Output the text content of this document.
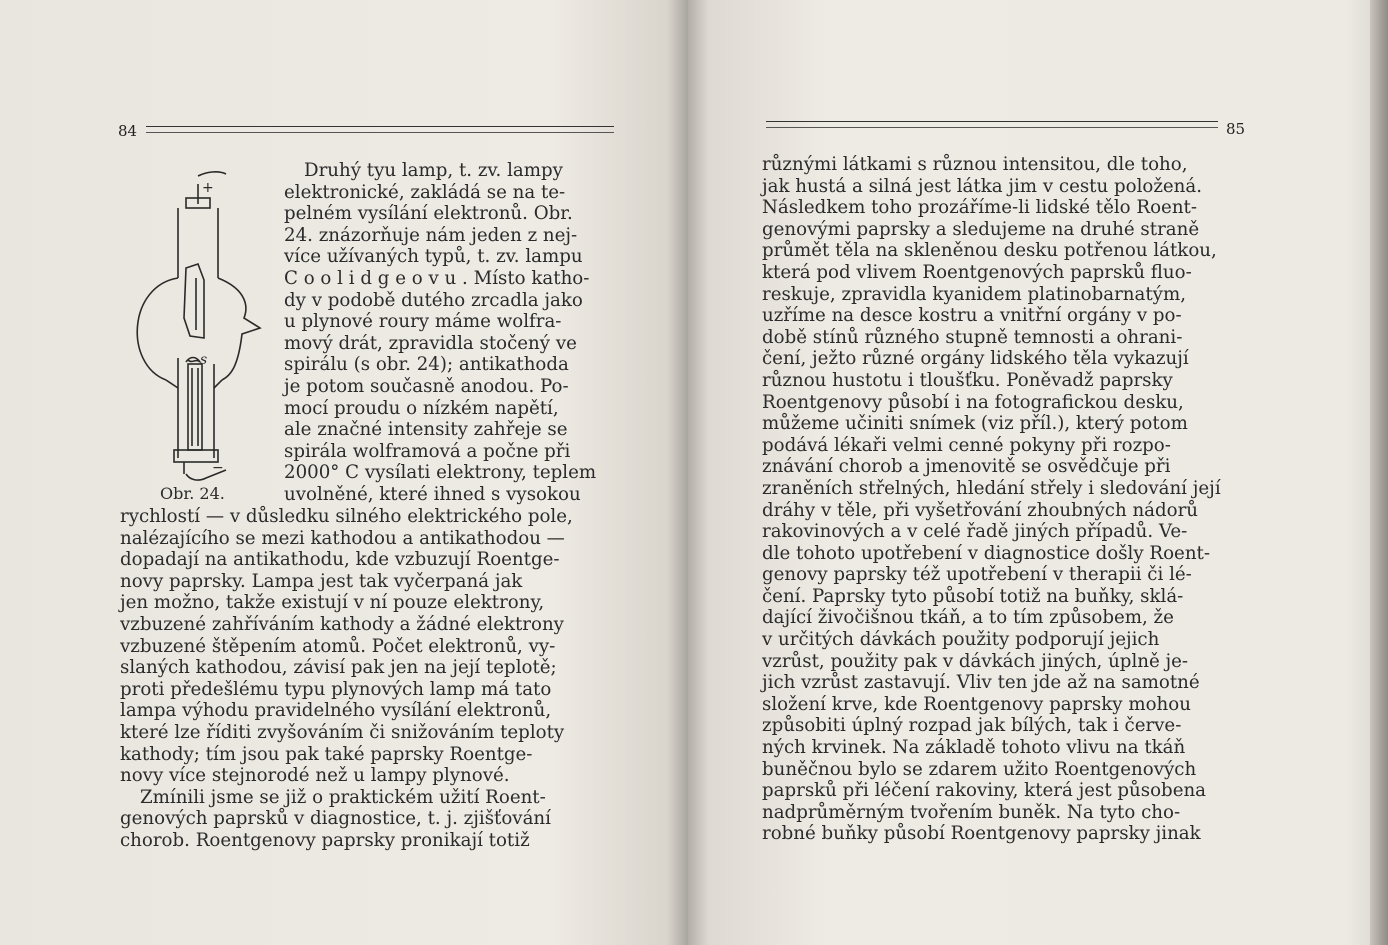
84
+
s
−
Obr. 24.
Druhý tyu lamp, t. zv. lampy
elektronické, zakládá se na te-
pelném vysílání elektronů. Obr.
24. znázorňuje nám jeden z nej-
více užívaných typů, t. zv. lampu
C o o l i d g e o v u . Místo katho-
dy v podobě dutého zrcadla jako
u plynové roury máme wolfra-
mový drát, zpravidla stočený ve
spirálu (s obr. 24); antikathoda
je potom současně anodou. Po-
mocí proudu o nízkém napětí,
ale značné intensity zahřeje se
spirála wolframová a počne při
2000° C vysílati elektrony, teplem
uvolněné, které ihned s vysokou
rychlostí — v důsledku silného elektrického pole,
nalézajícího se mezi kathodou a antikathodou —
dopadají na antikathodu, kde vzbuzují Roentge-
novy paprsky. Lampa jest tak vyčerpaná jak
jen možno, takže existují v ní pouze elektrony,
vzbuzené zahříváním kathody a žádné elektrony
vzbuzené štěpením atomů. Počet elektronů, vy-
slaných kathodou, závisí pak jen na její teplotě;
proti předešlému typu plynových lamp má tato
lampa výhodu pravidelného vysílání elektronů,
které lze říditi zvyšováním či snižováním teploty
kathody; tím jsou pak také paprsky Roentge-
novy více stejnorodé než u lampy plynové.
Zmínili jsme se již o praktickém užití Roent-
genových paprsků v diagnostice, t. j. zjišťování
chorob. Roentgenovy paprsky pronikají totiž
85
různými látkami s různou intensitou, dle toho,
jak hustá a silná jest látka jim v cestu položená.
Následkem toho prozáříme-li lidské tělo Roent-
genovými paprsky a sledujeme na druhé straně
průmět těla na skleněnou desku potřenou látkou,
která pod vlivem Roentgenových paprsků fluo-
reskuje, zpravidla kyanidem platinobarnatým,
uzříme na desce kostru a vnitřní orgány v po-
době stínů různého stupně temnosti a ohrani-
čení, ježto různé orgány lidského těla vykazují
různou hustotu i tloušťku. Poněvadž paprsky
Roentgenovy působí i na fotografickou desku,
můžeme učiniti snímek (viz příl.), který potom
podává lékaři velmi cenné pokyny při rozpo-
znávání chorob a jmenovitě se osvědčuje při
zraněních střelných, hledání střely i sledování její
dráhy v těle, při vyšetřování zhoubných nádorů
rakovinových a v celé řadě jiných případů. Ve-
dle tohoto upotřebení v diagnostice došly Roent-
genovy paprsky též upotřebení v therapii či lé-
čení. Paprsky tyto působí totiž na buňky, sklá-
dající živočišnou tkáň, a to tím způsobem, že
v určitých dávkách použity podporují jejich
vzrůst, použity pak v dávkách jiných, úplně je-
jich vzrůst zastavují. Vliv ten jde až na samotné
složení krve, kde Roentgenovy paprsky mohou
způsobiti úplný rozpad jak bílých, tak i červe-
ných krvinek. Na základě tohoto vlivu na tkáň
buněčnou bylo se zdarem užito Roentgenových
paprsků při léčení rakoviny, která jest působena
nadprůměrným tvořením buněk. Na tyto cho-
robné buňky působí Roentgenovy paprsky jinak
